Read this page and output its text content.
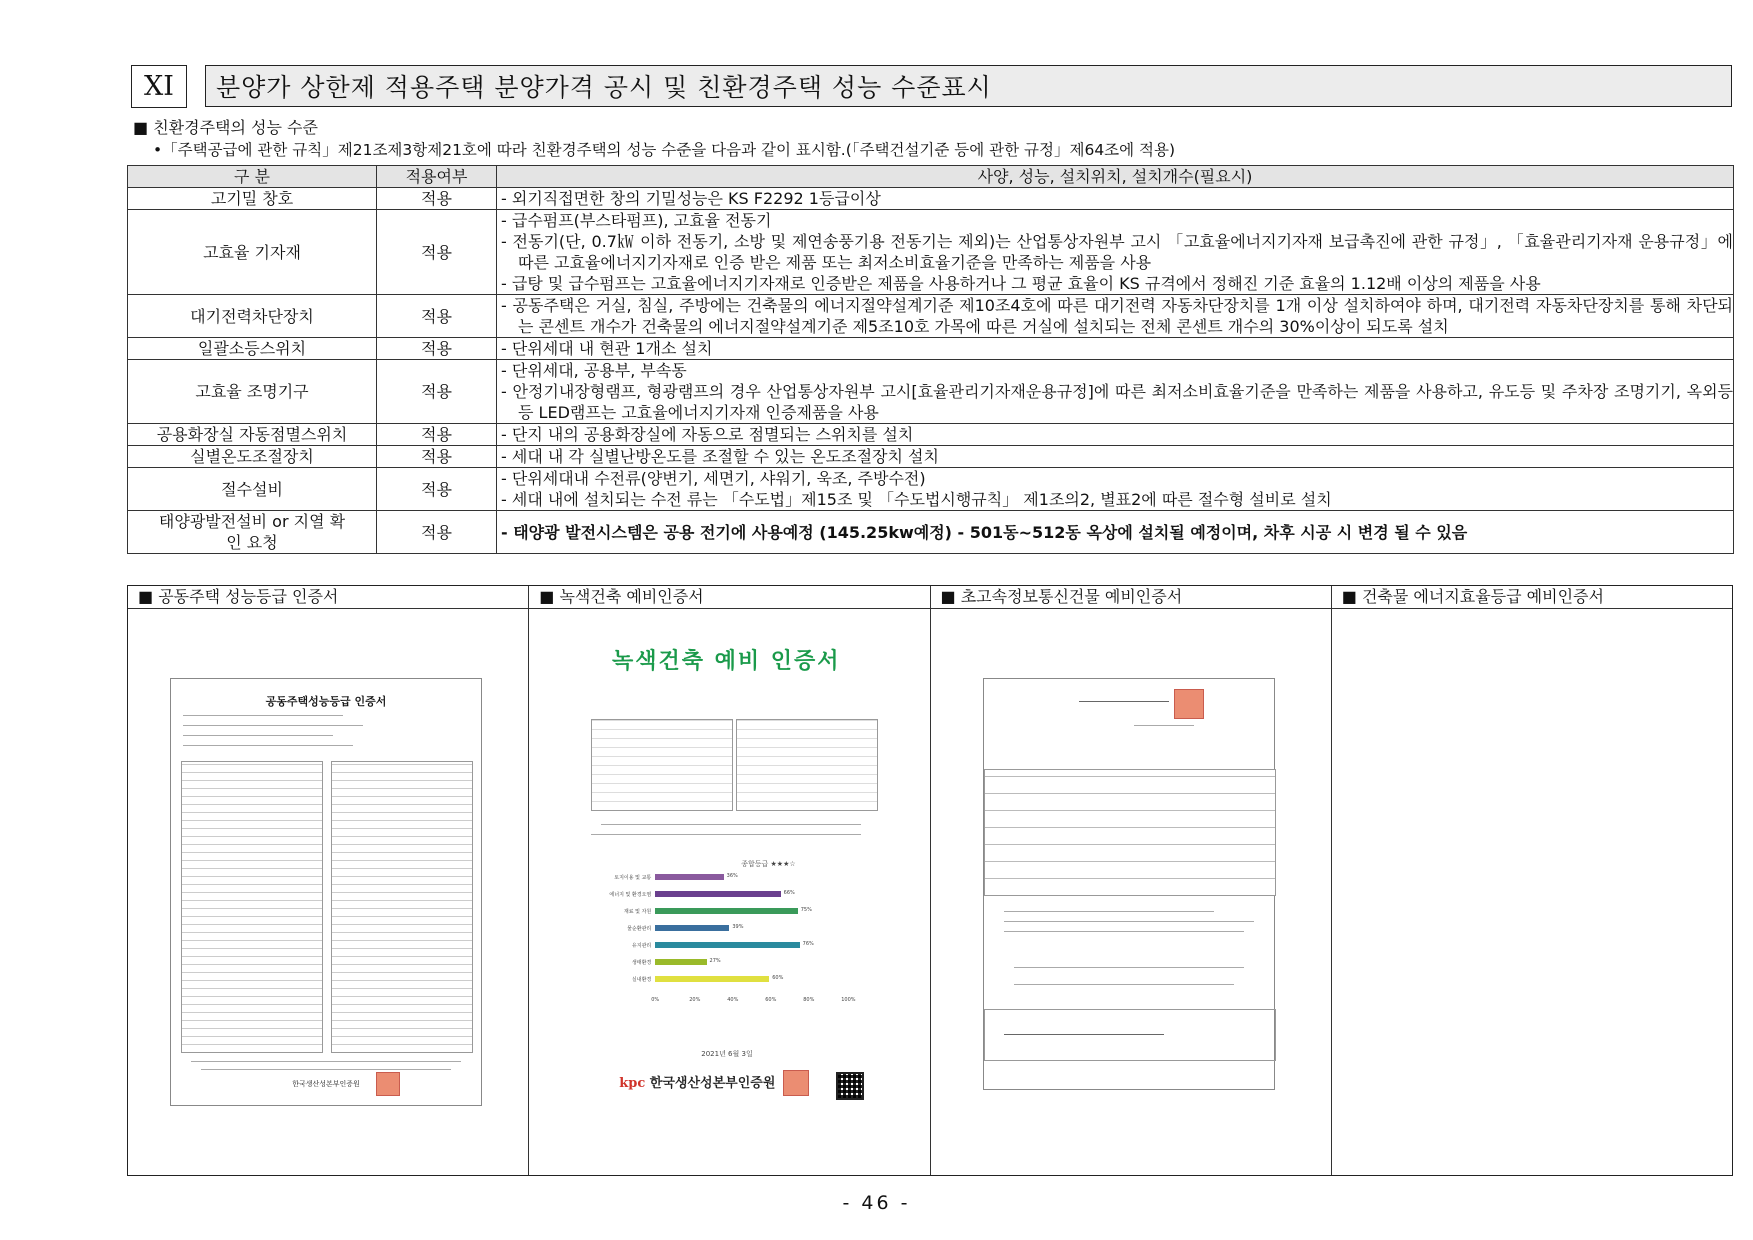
XI	분양가 상한제 적용주택 분양가격 공시 및 친환경주택 성능 수준표시
■ 친환경주택의 성능 수준
•「주택공급에 관한 규칙」제21조제3항제21호에 따라 친환경주택의 성능 수준을 다음과 같이 표시함.(「주택건설기준 등에 관한 규정」제64조에 적용)
구 분	적용여부	사양, 성능, 설치위치, 설치개수(필요시)
고기밀 창호	적용	- 외기직접면한 창의 기밀성능은 KS F2292 1등급이상

고효율 기자재	적용	- 급수펌프(부스타펌프), 고효율 전동기
- 전동기(단, 0.7㎾ 이하 전동기, 소방 및 제연송풍기용 전동기는 제외)는 산업통상자원부 고시 「고효율에너지기자재 보급촉진에 관한 규정」, 「효율관리기자재 운용규정」에 따른 고효율에너지기자재로 인증 받은 제품 또는 최저소비효율기준을 만족하는 제품을 사용
- 급탕 및 급수펌프는 고효율에너지기자재로 인증받은 제품을 사용하거나 그 평균 효율이 KS 규격에서 정해진 기준 효율의 1.12배 이상의 제품을 사용

대기전력차단장치	적용	- 공동주택은 거실, 침실, 주방에는 건축물의 에너지절약설계기준 제10조4호에 따른 대기전력 자동차단장치를 1개 이상 설치하여야 하며, 대기전력 자동차단장치를 통해 차단되는 콘센트 개수가 건축물의 에너지절약설계기준 제5조10호 가목에 따른 거실에 설치되는 전체 콘센트 개수의 30%이상이 되도록 설치

일괄소등스위치	적용	- 단위세대 내 현관 1개소 설치

고효율 조명기구	적용	- 단위세대, 공용부, 부속동
- 안정기내장형램프, 형광램프의 경우 산업통상자원부 고시[효율관리기자재운용규정]에 따른 최저소비효율기준을 만족하는 제품을 사용하고, 유도등 및 주차장 조명기기, 옥외등 등 LED램프는 고효율에너지기자재 인증제품을 사용

공용화장실 자동점멸스위치	적용	- 단지 내의 공용화장실에 자동으로 점멸되는 스위치를 설치

실별온도조절장치	적용	- 세대 내 각 실별난방온도를 조절할 수 있는 온도조절장치 설치

절수설비	적용	- 단위세대내 수전류(양변기, 세면기, 샤워기, 욱조, 주방수전)
- 세대 내에 설치되는 수전 류는 「수도법」제15조 및 「수도법시행규칙」 제1조의2, 별표2에 따른 절수형 설비로 설치

태양광발전설비 or 지열 확인 요청	적용	- 태양광 발전시스템은 공용 전기에 사용예정 (145.25kw예정) - 501동~512동 옥상에 설치될 예정이며, 차후 시공 시 변경 될 수 있음
■ 공동주택 성능등급 인증서
공동주택성능등급 인증서
한국생산성본부인증원
■ 녹색건축 예비인증서
녹색건축 예비 인증서
종합등급 ★★★☆
토지이용 및 교통	36%
에너지 및 환경오염	66%
재료 및 자원	75%
물순환관리	39%
유지관리	76%
생태환경	27%
실내환경	60%
0%	20%	40%	60%	80%	100%
2021년 6월 3일
kpc 한국생산성본부인증원
■ 초고속정보통신건물 예비인증서	■ 건축물 에너지효율등급 예비인증서
- 46 -
